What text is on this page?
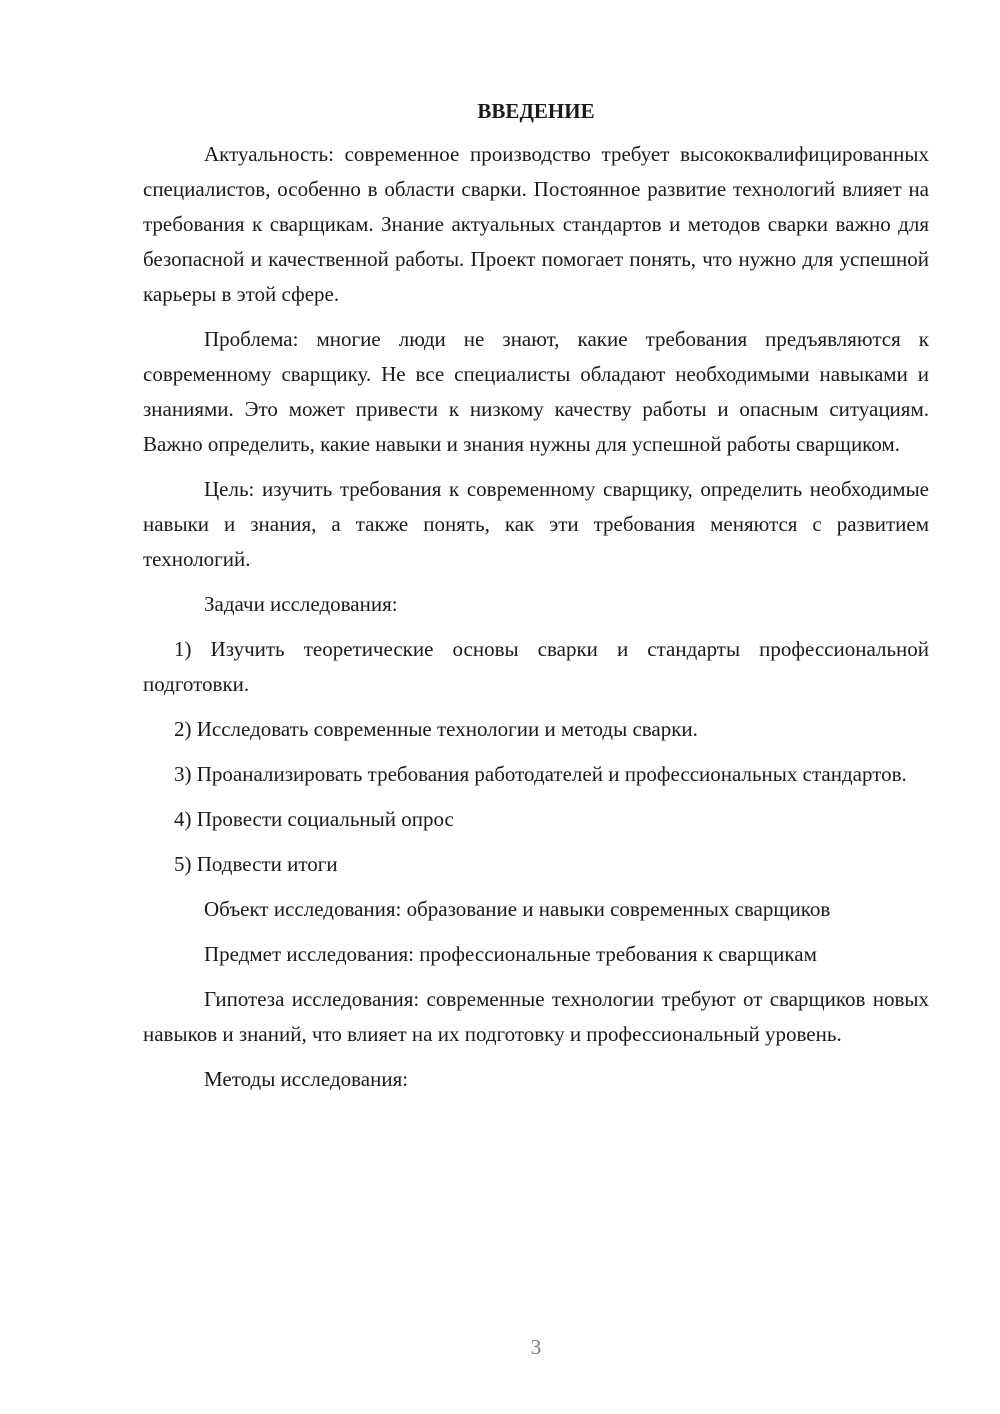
ВВЕДЕНИЕ

Актуальность: современное производство требует высококвалифицированных специалистов, особенно в области сварки. Постоянное развитие технологий влияет на требования к сварщикам. Знание актуальных стандартов и методов сварки важно для безопасной и качественной работы. Проект помогает понять, что нужно для успешной карьеры в этой сфере.

Проблема: многие люди не знают, какие требования предъявляются к современному сварщику. Не все специалисты обладают необходимыми навыками и знаниями. Это может привести к низкому качеству работы и опасным ситуациям. Важно определить, какие навыки и знания нужны для успешной работы сварщиком.

Цель: изучить требования к современному сварщику, определить необходимые навыки и знания, а также понять, как эти требования меняются с развитием технологий.

Задачи исследования:

1) Изучить теоретические основы сварки и стандарты профессиональной подготовки.

2) Исследовать современные технологии и методы сварки.

3) Проанализировать требования работодателей и профессиональных стандартов.

4) Провести социальный опрос

5) Подвести итоги

Объект исследования: образование и навыки современных сварщиков

Предмет исследования: профессиональные требования к сварщикам

Гипотеза исследования: современные технологии требуют от сварщиков новых навыков и знаний, что влияет на их подготовку и профессиональный уровень.

Методы исследования:

3
